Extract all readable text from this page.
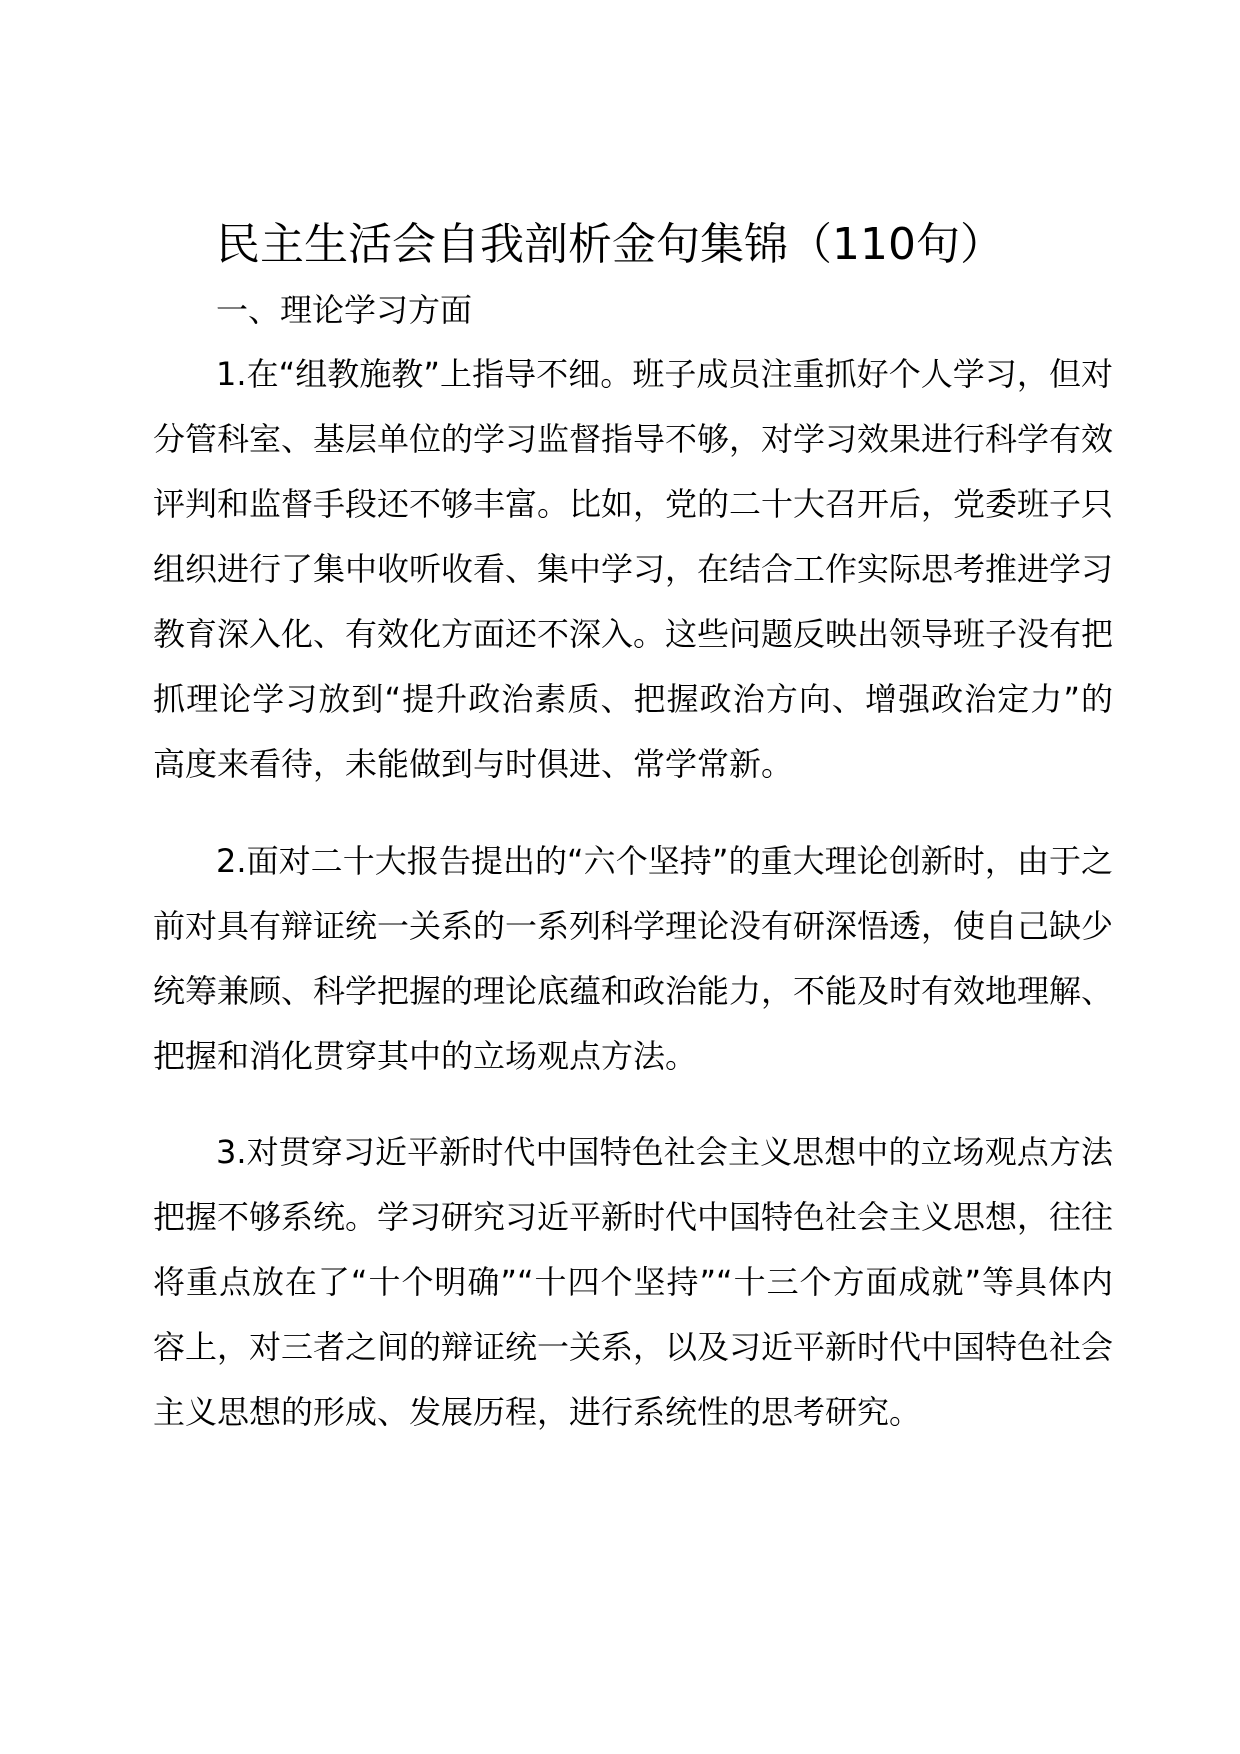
民主生活会自我剖析金句集锦（110句）
一、理论学习方面

1.在“组教施教”上指导不细。班子成员注重抓好个人学习，但对分管科室、基层单位的学习监督指导不够，对学习效果进行科学有效评判和监督手段还不够丰富。比如，党的二十大召开后，党委班子只组织进行了集中收听收看、集中学习，在结合工作实际思考推进学习教育深入化、有效化方面还不深入。这些问题反映出领导班子没有把抓理论学习放到“提升政治素质、把握政治方向、增强政治定力”的高度来看待，未能做到与时俱进、常学常新。

2.面对二十大报告提出的“六个坚持”的重大理论创新时，由于之前对具有辩证统一关系的一系列科学理论没有研深悟透，使自己缺少统筹兼顾、科学把握的理论底蕴和政治能力，不能及时有效地理解、把握和消化贯穿其中的立场观点方法。

3.对贯穿习近平新时代中国特色社会主义思想中的立场观点方法把握不够系统。学习研究习近平新时代中国特色社会主义思想，往往将重点放在了“十个明确”“十四个坚持”“十三个方面成就”等具体内容上，对三者之间的辩证统一关系，以及习近平新时代中国特色社会主义思想的形成、发展历程，进行系统性的思考研究。
